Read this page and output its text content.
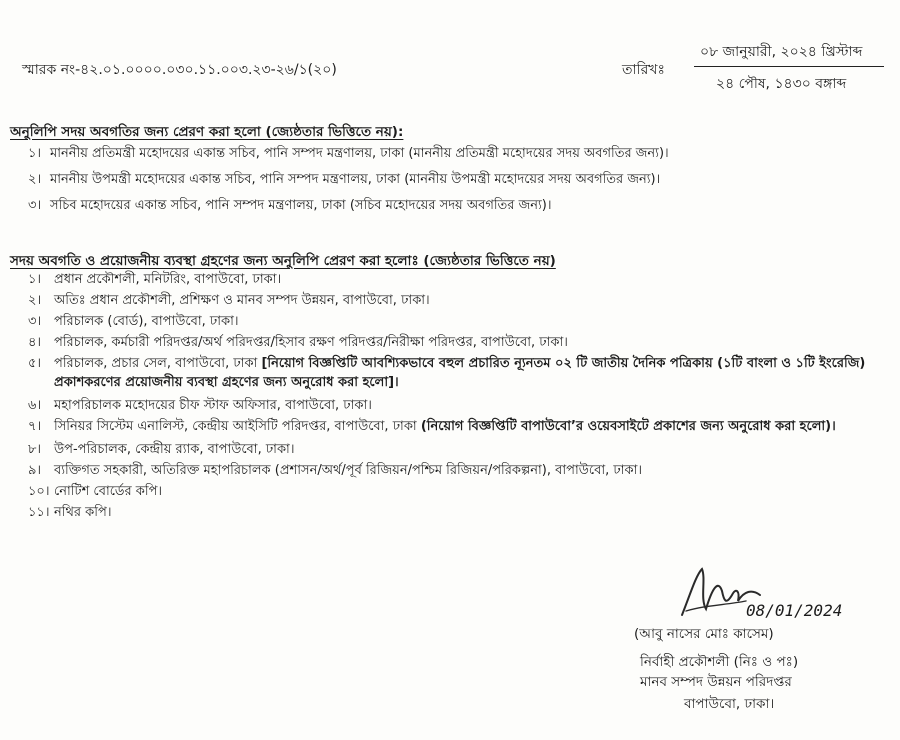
স্মারক নং-৪২.০১.০০০০.০৩০.১১.০০৩.২৩-২৬/১(২০)	তারিখঃ
০৮ জানুয়ারী, ২০২৪ খ্রিস্টাব্দ
২৪ পৌষ, ১৪৩০ বঙ্গাব্দ
অনুলিপি সদয় অবগতির জন্য প্রেরণ করা হলো (জ্যেষ্ঠতার ভিত্তিতে নয়):
১। মাননীয় প্রতিমন্ত্রী মহোদয়ের একান্ত সচিব, পানি সম্পদ মন্ত্রণালয়, ঢাকা (মাননীয় প্রতিমন্ত্রী মহোদয়ের সদয় অবগতির জন্য)।
২। মাননীয় উপমন্ত্রী মহোদয়ের একান্ত সচিব, পানি সম্পদ মন্ত্রণালয়, ঢাকা (মাননীয় উপমন্ত্রী মহোদয়ের সদয় অবগতির জন্য)।
৩। সচিব মহোদয়ের একান্ত সচিব, পানি সম্পদ মন্ত্রণালয়, ঢাকা (সচিব মহোদয়ের সদয় অবগতির জন্য)।
সদয় অবগতি ও প্রয়োজনীয় ব্যবস্থা গ্রহণের জন্য অনুলিপি প্রেরণ করা হলোঃ (জ্যেষ্ঠতার ভিত্তিতে নয়)
১। প্রধান প্রকৌশলী, মনিটরিং, বাপাউবো, ঢাকা।
২। অতিঃ প্রধান প্রকৌশলী, প্রশিক্ষণ ও মানব সম্পদ উন্নয়ন, বাপাউবো, ঢাকা।
৩। পরিচালক (বোর্ড), বাপাউবো, ঢাকা।
৪। পরিচালক, কর্মচারী পরিদপ্তর/অর্থ পরিদপ্তর/হিসাব রক্ষণ পরিদপ্তর/নিরীক্ষা পরিদপ্তর, বাপাউবো, ঢাকা।
৫। পরিচালক, প্রচার সেল, বাপাউবো, ঢাকা [নিয়োগ বিজ্ঞপ্তিটি আবশ্যিকভাবে বহুল প্রচারিত ন্যূনতম ০২ টি জাতীয় দৈনিক পত্রিকায় (১টি বাংলা ও ১টি ইংরেজি) প্রকাশকরণের প্রয়োজনীয় ব্যবস্থা গ্রহণের জন্য অনুরোধ করা হলো]।
৬। মহাপরিচালক মহোদয়ের চীফ স্টাফ অফিসার, বাপাউবো, ঢাকা।
৭। সিনিয়র সিস্টেম এনালিস্ট, কেন্দ্রীয় আইসিটি পরিদপ্তর, বাপাউবো, ঢাকা (নিয়োগ বিজ্ঞপ্তিটি বাপাউবো’র ওয়েবসাইটে প্রকাশের জন্য অনুরোধ করা হলো)।
৮। উপ-পরিচালক, কেন্দ্রীয় র‍্যাক, বাপাউবো, ঢাকা।
৯। ব্যক্তিগত সহকারী, অতিরিক্ত মহাপরিচালক (প্রশাসন/অর্থ/পূর্ব রিজিয়ন/পশ্চিম রিজিয়ন/পরিকল্পনা), বাপাউবো, ঢাকা।
১০। নোটিশ বোর্ডের কপি।
১১। নথির কপি।
08/01/2024
(আবু নাসের মোঃ কাসেম)
নির্বাহী প্রকৌশলী (নিঃ ও পঃ)
মানব সম্পদ উন্নয়ন পরিদপ্তর
বাপাউবো, ঢাকা।
